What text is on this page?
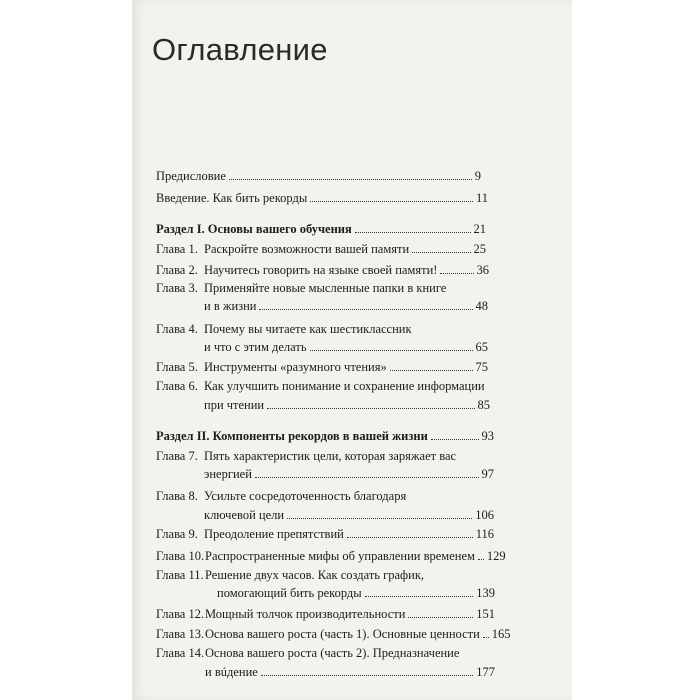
Оглавление
Предисловие	9
Введение. Как бить рекорды	11
Раздел I. Основы вашего обучения	21
Глава 1. Раскройте возможности вашей памяти	25
Глава 2. Научитесь говорить на языке своей памяти!	36
Глава 3. Применяйте новые мысленные папки в книге
и в жизни	48
Глава 4. Почему вы читаете как шестиклассник
и что с этим делать	65
Глава 5. Инструменты «разумного чтения»	75
Глава 6. Как улучшить понимание и сохранение информации
при чтении	85
Раздел II. Компоненты рекордов в вашей жизни	93
Глава 7. Пять характеристик цели, которая заряжает вас
энергией	97
Глава 8. Усильте сосредоточенность благодаря
ключевой цели	106
Глава 9. Преодоление препятствий	116
Глава 10. Распространенные мифы об управлении временем 129
Глава 11.Решение двух часов. Как создать график,
помогающий бить рекорды	139
Глава 12. Мощный толчок производительности	151
Глава 13. Основа вашего роста (часть 1). Основные ценности 165
Глава 14.Основа вашего роста (часть 2). Предназначение
и вúдение	177
